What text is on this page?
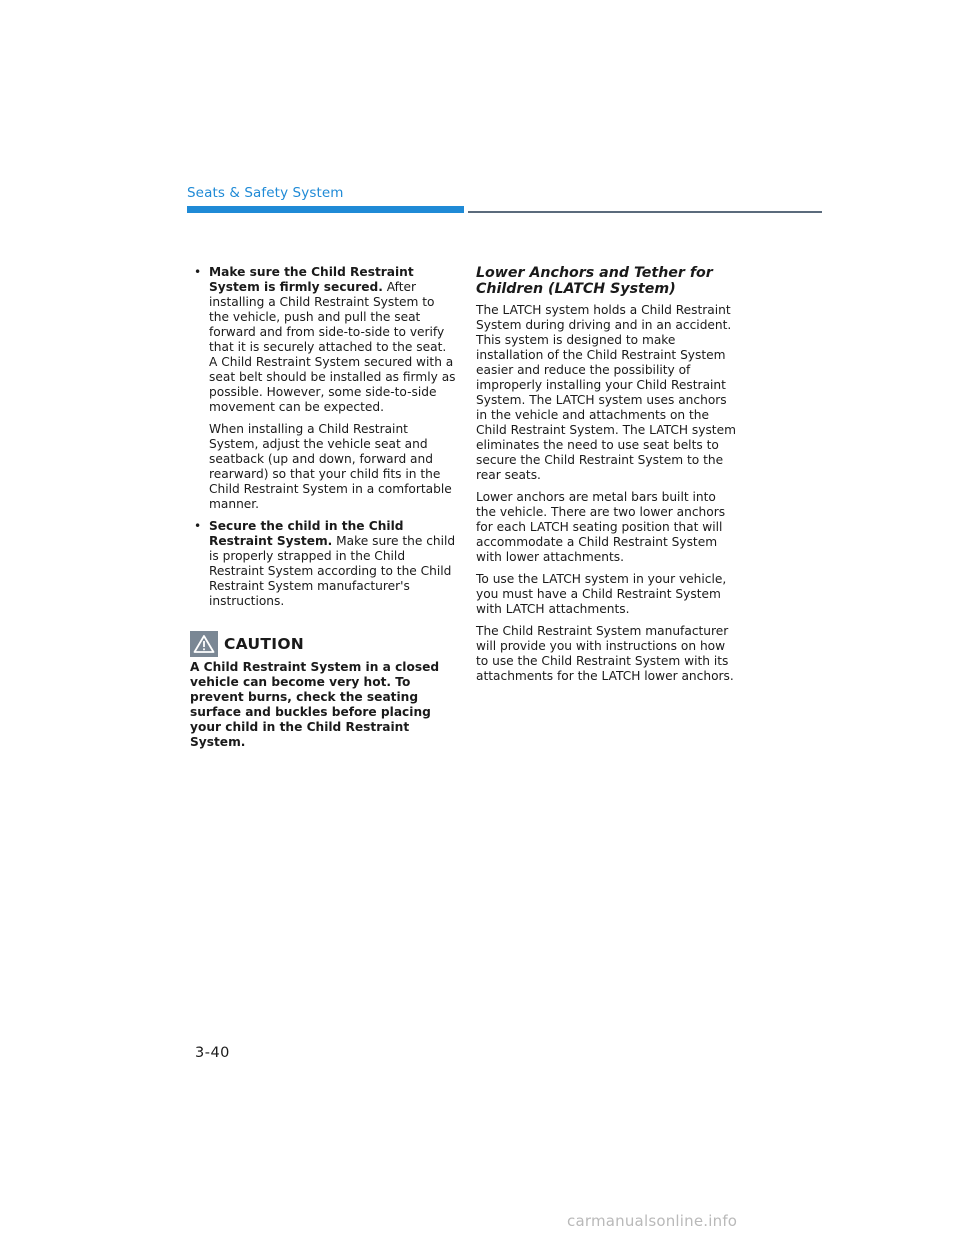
Seats & Safety System
• Make sure the Child Restraint System is firmly secured. After installing a Child Restraint System to the vehicle, push and pull the seat forward and from side-to-side to verify that it is securely attached to the seat. A Child Restraint System secured with a seat belt should be installed as firmly as possible. However, some side-to-side movement can be expected.
When installing a Child Restraint System, adjust the vehicle seat and seatback (up and down, forward and rearward) so that your child fits in the Child Restraint System in a comfortable manner.
• Secure the child in the Child Restraint System. Make sure the child is properly strapped in the Child Restraint System according to the Child Restraint System manufacturer's instructions.
CAUTION
A Child Restraint System in a closed vehicle can become very hot. To prevent burns, check the seating surface and buckles before placing your child in the Child Restraint System.
Lower Anchors and Tether for Children (LATCH System)
The LATCH system holds a Child Restraint System during driving and in an accident. This system is designed to make installation of the Child Restraint System easier and reduce the possibility of improperly installing your Child Restraint System. The LATCH system uses anchors in the vehicle and attachments on the Child Restraint System. The LATCH system eliminates the need to use seat belts to secure the Child Restraint System to the rear seats.
Lower anchors are metal bars built into the vehicle. There are two lower anchors for each LATCH seating position that will accommodate a Child Restraint System with lower attachments.
To use the LATCH system in your vehicle, you must have a Child Restraint System with LATCH attachments.
The Child Restraint System manufacturer will provide you with instructions on how to use the Child Restraint System with its attachments for the LATCH lower anchors.
3-40
carmanualsonline.info
